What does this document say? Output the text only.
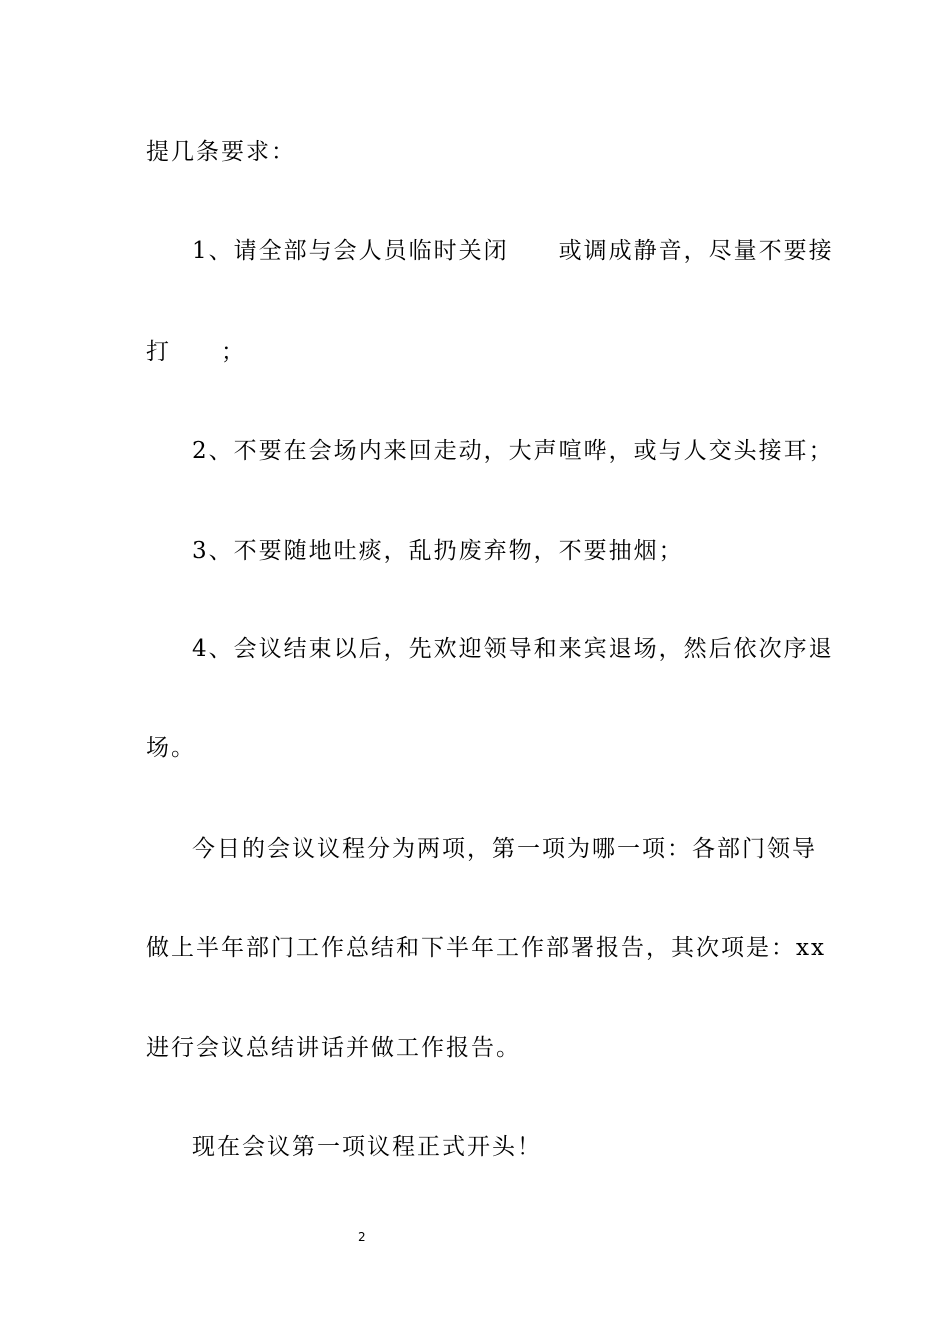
提几条要求：
1、请全部与会人员临时关闭　　或调成静音，尽量不要接
打　　；
2、不要在会场内来回走动，大声喧哗，或与人交头接耳；
3、不要随地吐痰，乱扔废弃物，不要抽烟；
4、会议结束以后，先欢迎领导和来宾退场，然后依次序退
场。
今日的会议议程分为两项，第一项为哪一项：各部门领导
做上半年部门工作总结和下半年工作部署报告，其次项是：xx
进行会议总结讲话并做工作报告。
现在会议第一项议程正式开头！
2
